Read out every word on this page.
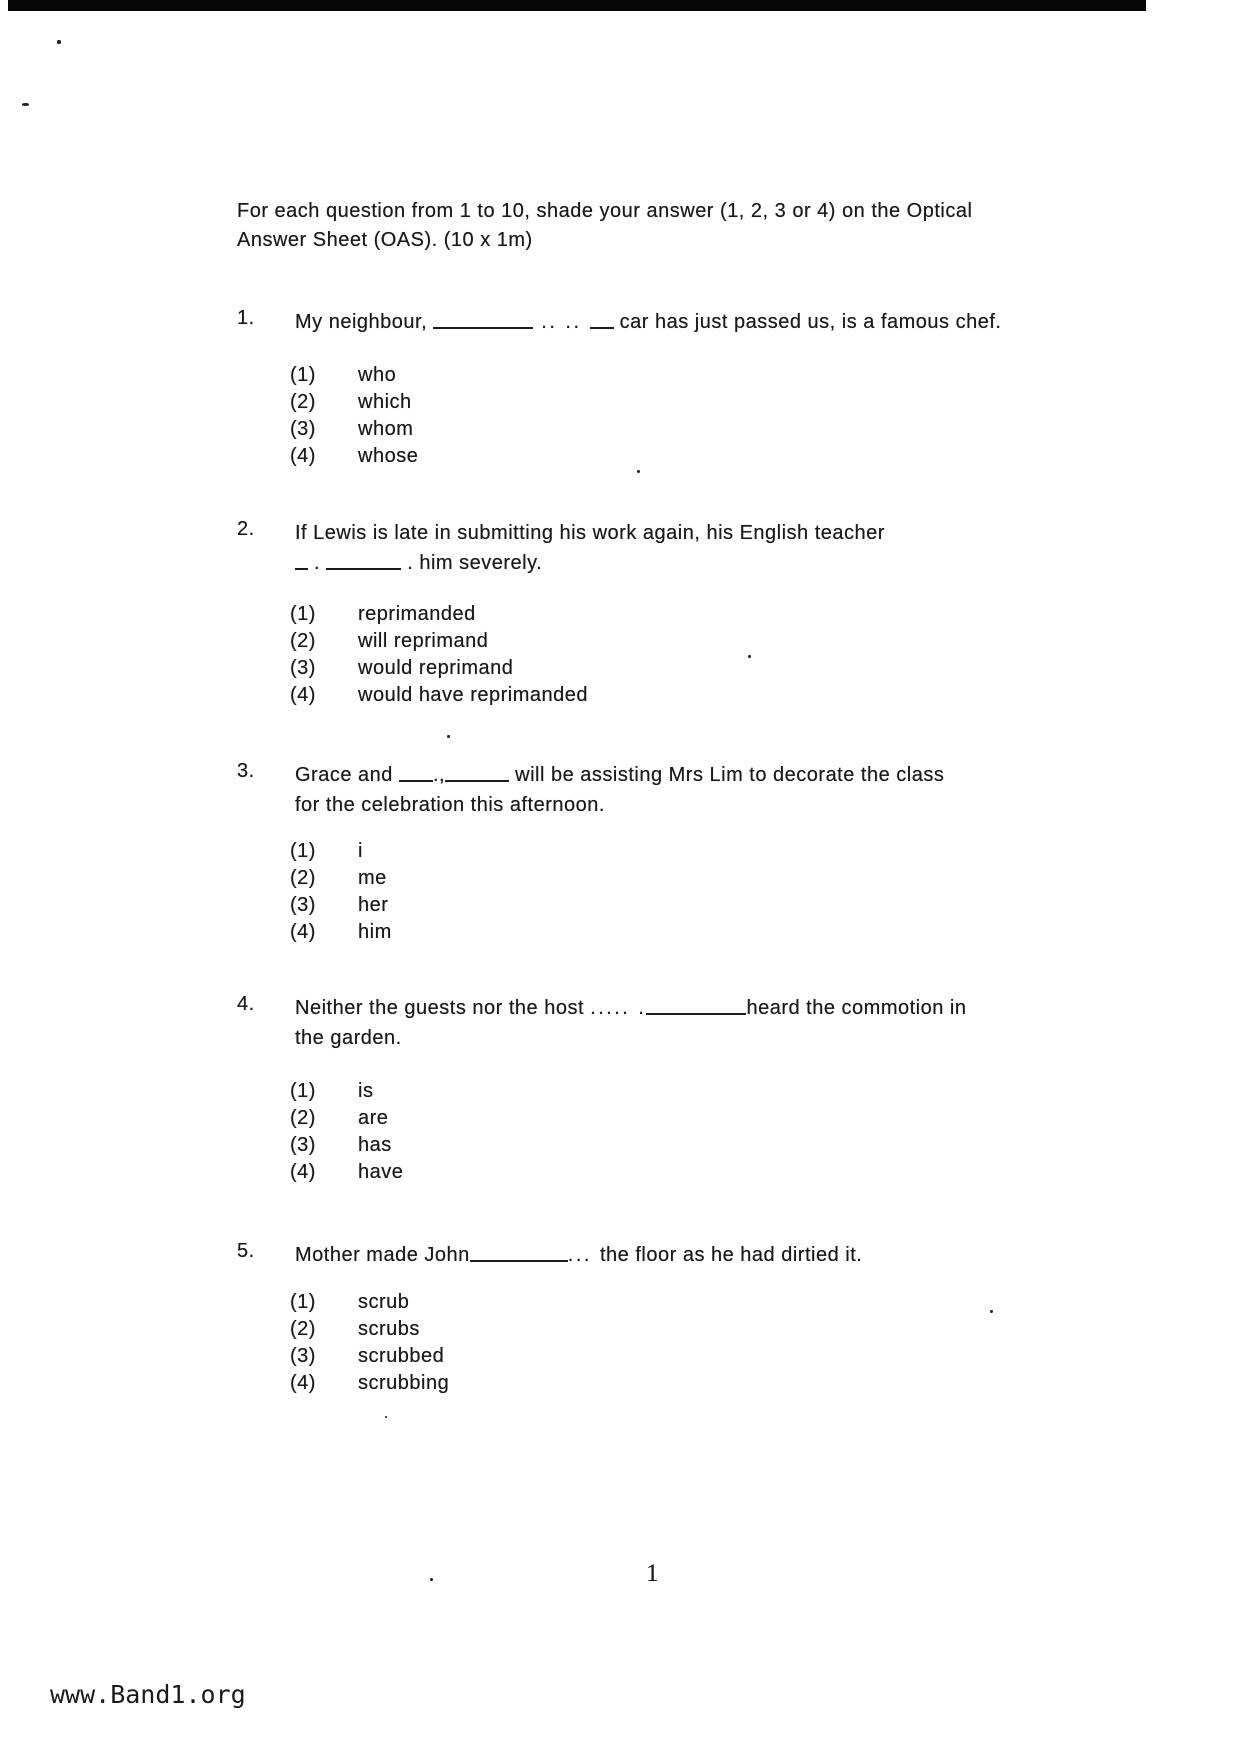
For each question from 1 to 10, shade your answer (1, 2, 3 or 4) on the Optical
Answer Sheet (OAS). (10 x 1m)
1. My neighbour,	.. ..  car has just passed us, is a famous chef.
(1) who
(2) which
(3) whom
(4) whose
2. If Lewis is late in submitting his work again, his English teacher
.	. him severely.
(1) reprimanded
(2) will reprimand
(3) would reprimand
(4) would have reprimanded
3. Grace and .,	will be assisting Mrs Lim to decorate the class
for the celebration this afternoon.
(1) i
(2) me
(3) her
(4) him
4. Neither the guests nor the host ..... .	heard the commotion in
the garden.
(1) is
(2) are
(3) has
(4) have
5. Mother made John	... the floor as he had dirtied it.
(1) scrub
(2) scrubs
(3) scrubbed
(4) scrubbing
1
www.Band1.org
